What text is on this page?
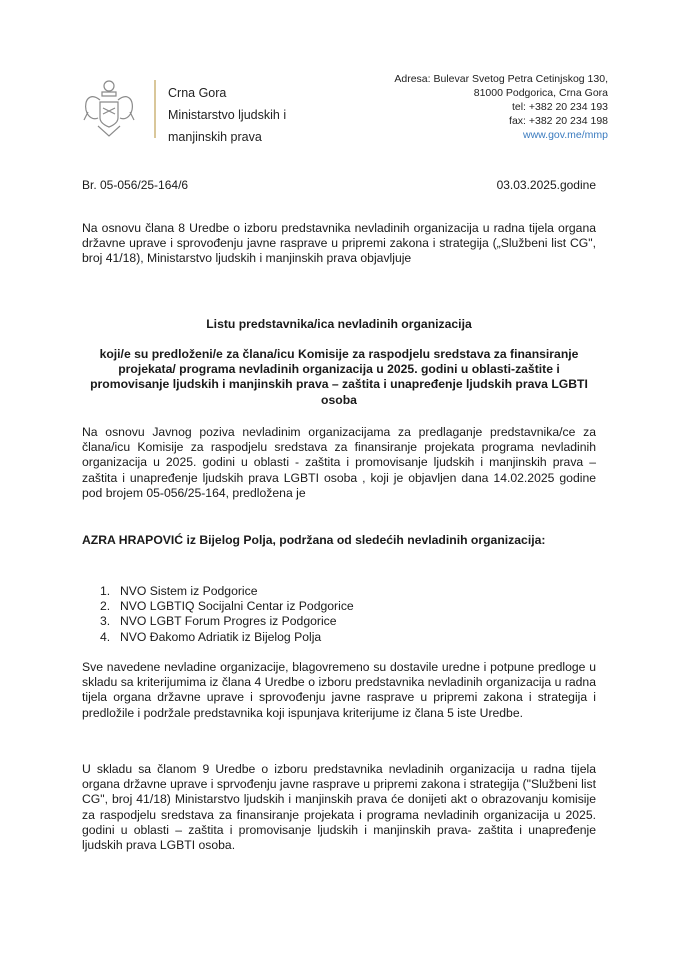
Crna Gora
Ministarstvo ljudskih i
manjinskih prava
Adresa: Bulevar Svetog Petra Cetinjskog 130,
81000 Podgorica, Crna Gora
tel: +382 20 234 193
fax: +382 20 234 198
www.gov.me/mmp
Br. 05-056/25-164/6	03.03.2025.godine

Na osnovu člana 8 Uredbe o izboru predstavnika nevladinih organizacija u radna tijela organa državne uprave i sprovođenju javne rasprave u pripremi zakona i strategija („Službeni list CG", broj 41/18), Ministarstvo ljudskih i manjinskih prava objavljuje

Listu predstavnika/ica nevladinih organizacija
koji/e su predloženi/e za člana/icu Komisije za raspodjelu sredstava za finansiranje projekata/ programa nevladinih organizacija u 2025. godini u oblasti-zaštite i promovisanje ljudskih i manjinskih prava – zaštita i unapređenje ljudskih prava LGBTI osoba

Na osnovu Javnog poziva nevladinim organizacijama za predlaganje predstavnika/ce za člana/icu Komisije za raspodjelu sredstava za finansiranje projekata programa nevladinih organizacija u 2025. godini u oblasti - zaštita i promovisanje ljudskih i manjinskih prava – zaštita i unapređenje ljudskih prava LGBTI osoba , koji je objavljen dana 14.02.2025 godine pod brojem 05-056/25-164, predložena je

AZRA HRAPOVIĆ iz Bijelog Polja, podržana od sledećih nevladinih organizacija:
1. NVO Sistem iz Podgorice
2. NVO LGBTIQ Socijalni Centar iz Podgorice
3. NVO LGBT Forum Progres iz Podgorice
4. NVO Đakomo Adriatik iz Bijelog Polja

Sve navedene nevladine organizacije, blagovremeno su dostavile uredne i potpune predloge u skladu sa kriterijumima iz člana 4 Uredbe o izboru predstavnika nevladinih organizacija u radna tijela organa državne uprave i sprovođenju javne rasprave u pripremi zakona i strategija i predložile i podržale predstavnika koji ispunjava kriterijume iz člana 5 iste Uredbe.

U skladu sa članom 9 Uredbe o izboru predstavnika nevladinih organizacija u radna tijela organa državne uprave i sprvođenju javne rasprave u pripremi zakona i strategija ("Službeni list CG", broj 41/18) Ministarstvo ljudskih i manjinskih prava će donijeti akt o obrazovanju komisije za raspodjelu sredstava za finansiranje projekata i programa nevladinih organizacija u 2025. godini u oblasti – zaštita i promovisanje ljudskih i manjinskih prava- zaštita i unapređenje ljudskih prava LGBTI osoba.
